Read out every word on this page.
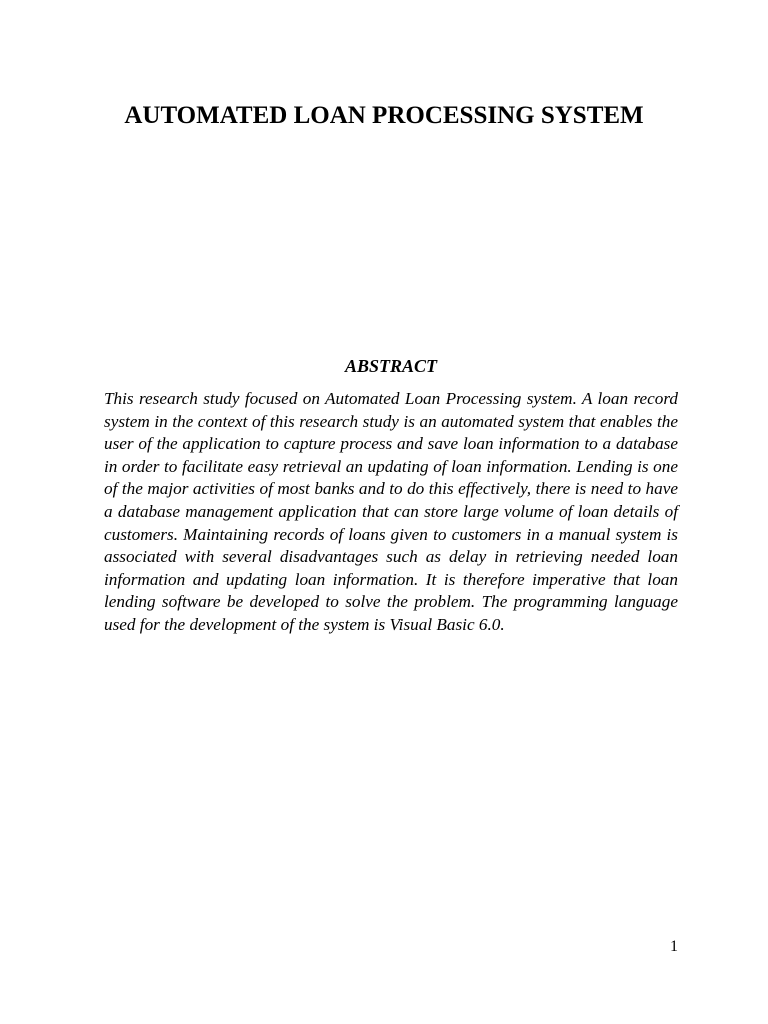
AUTOMATED LOAN PROCESSING SYSTEM
ABSTRACT

This research study focused on Automated Loan Processing system. A loan record system in the context of this research study is an automated system that enables the user of the application to capture process and save loan information to a database in order to facilitate easy retrieval an updating of loan information. Lending is one of the major activities of most banks and to do this effectively, there is need to have a database management application that can store large volume of loan details of customers. Maintaining records of loans given to customers in a manual system is associated with several disadvantages such as delay in retrieving needed loan information and updating loan information. It is therefore imperative that loan lending software be developed to solve the problem. The programming language used for the development of the system is Visual Basic 6.0.

1
